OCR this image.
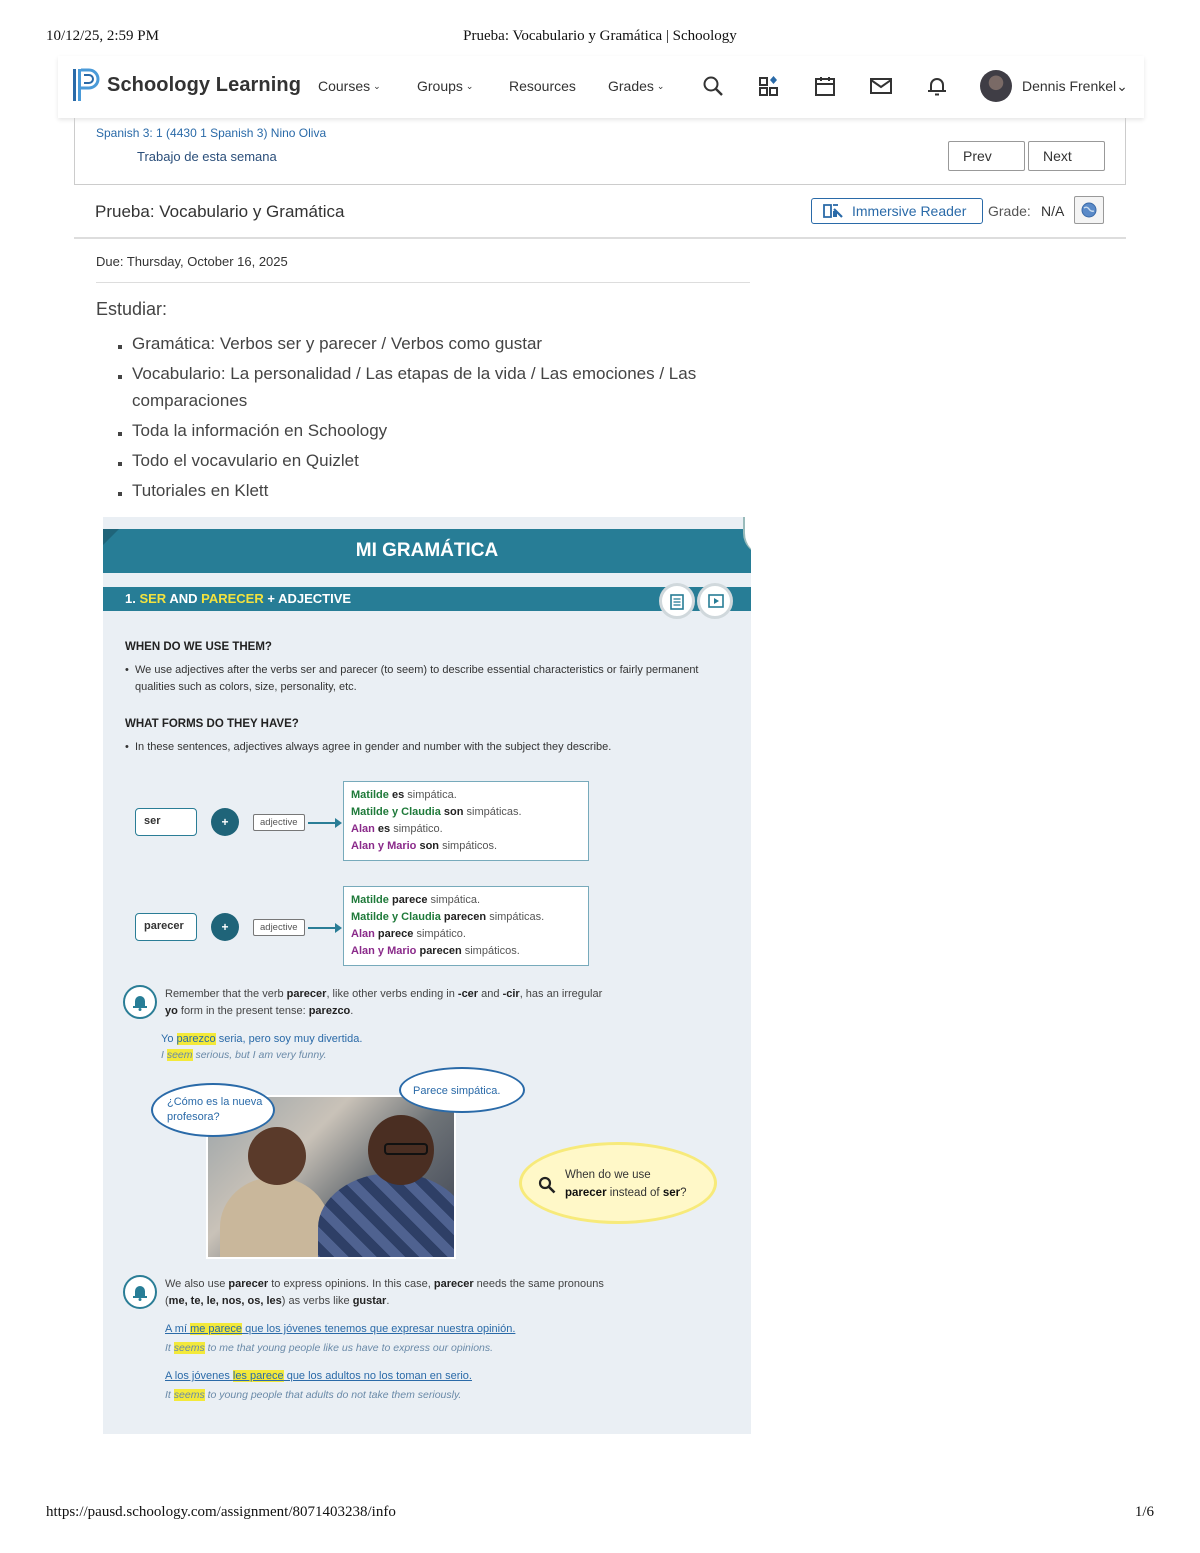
10/12/25, 2:59 PM	Prueba: Vocabulario y Gramática | Schoology
Schoology Learning Courses ⌄	Groups ⌄	Resources Grades ⌄	Dennis Frenkel⌄
Spanish 3: 1 (4430 1 Spanish 3) Nino Oliva
Trabajo de esta semana	Prev	Next
Prueba: Vocabulario y Gramática	Immersive Reader	Grade: N/A
Due: Thursday, October 16, 2025
Estudiar:
Gramática: Verbos ser y parecer / Verbos como gustar
Vocabulario: La personalidad / Las etapas de la vida / Las emociones / Las comparaciones
Toda la información en Schoology
Todo el vocavulario en Quizlet
Tutoriales en Klett
MI GRAMÁTICA
1. SER AND PARECER + ADJECTIVE
WHEN DO WE USE THEM?
• We use adjectives after the verbs ser and parecer (to seem) to describe essential characteristics or fairly permanent qualities such as colors, size, personality, etc.
WHAT FORMS DO THEY HAVE?
• In these sentences, adjectives always agree in gender and number with the subject they describe.
ser	+	adjective
Matilde es simpática.
Matilde y Claudia son simpáticas.
Alan es simpático.
Alan y Mario son simpáticos.
parecer	+	adjective
Matilde parece simpática.
Matilde y Claudia parecen simpáticas.
Alan parece simpático.
Alan y Mario parecen simpáticos.
Remember that the verb parecer, like other verbs ending in -cer and -cir, has an irregular yo form in the present tense: parezco.
Yo parezco seria, pero soy muy divertida.
I seem serious, but I am very funny.
¿Cómo es la nueva profesora?
Parece simpática.
When do we use
parecer instead of ser?
We also use parecer to express opinions. In this case, parecer needs the same pronouns (me, te, le, nos, os, les) as verbs like gustar.
A mí me parece que los jóvenes tenemos que expresar nuestra opinión.
It seems to me that young people like us have to express our opinions.
A los jóvenes les parece que los adultos no los toman en serio.
It seems to young people that adults do not take them seriously.
https://pausd.schoology.com/assignment/8071403238/info	1/6
